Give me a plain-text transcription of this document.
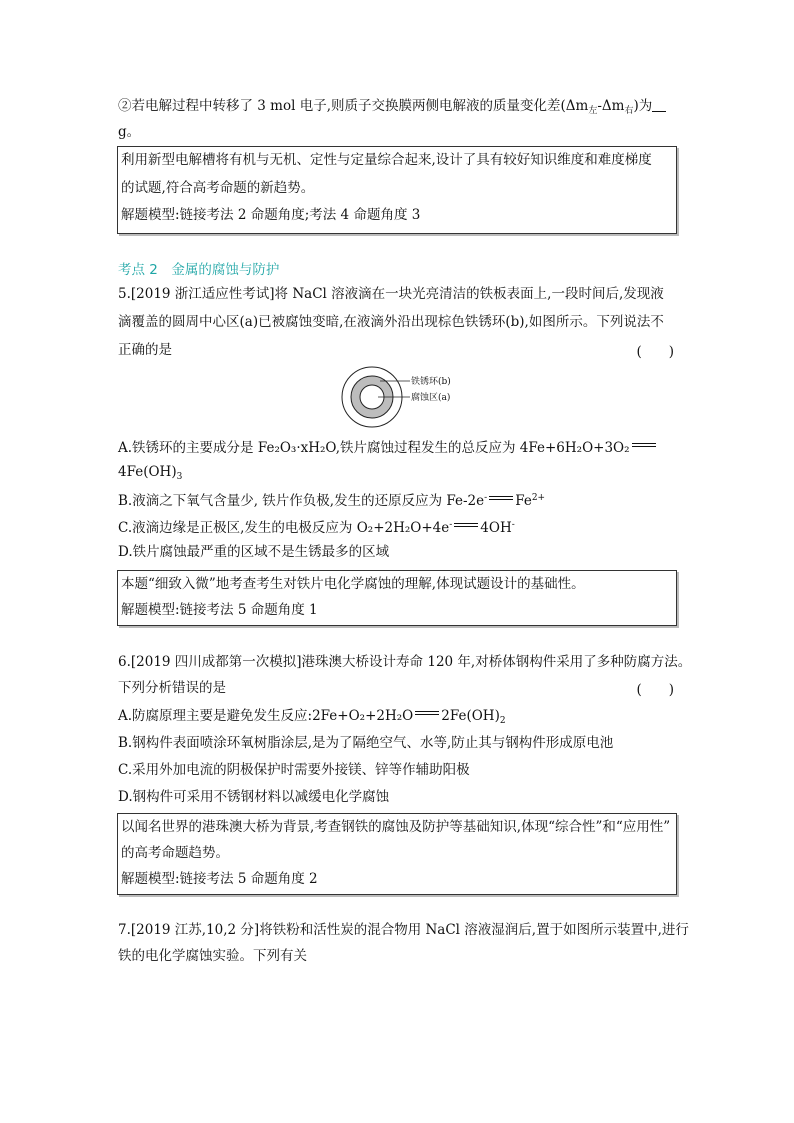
②若电解过程中转移了 3 mol 电子,则质子交换膜两侧电解液的质量变化差$(\Delta m_左-\Delta m_右)$为
g。
利用新型电解槽将有机与无机、定性与定量综合起来,设计了具有较好知识维度和难度梯度
的试题,符合高考命题的新趋势。
解题模型:链接考法 2 命题角度;考法 4 命题角度 3
考点 2　金属的腐蚀与防护
5.[2019 浙江适应性考试]将 NaCl 溶液滴在一块光亮清洁的铁板表面上,一段时间后,发现液
滴覆盖的圆周中心区(a)已被腐蚀变暗,在液滴外沿出现棕色铁锈环(b),如图所示。下列说法不
正确的是	(　　)
铁锈环(b)
腐蚀区(a)
A.铁锈环的主要成分是 Fe₂O₃·xH₂O,铁片腐蚀过程发生的总反应为 4Fe+6H₂O+3O₂
$4Fe(OH)_3$
B.液滴之下氧气含量少, 铁片作负极,发生的还原反应为 Fe-2e- $Fe^{2+}$
C.液滴边缘是正极区,发生的电极反应为 O₂+2H₂O+4e- 4OH-
D.铁片腐蚀最严重的区域不是生锈最多的区域
本题“细致入微”地考查考生对铁片电化学腐蚀的理解,体现试题设计的基础性。
解题模型:链接考法 5 命题角度 1
6.[2019 四川成都第一次模拟]港珠澳大桥设计寿命 120 年,对桥体钢构件采用了多种防腐方法。
下列分析错误的是	(　　)
A.防腐原理主要是避免发生反应:2Fe+O₂+2H₂O $2Fe(OH)_2$
B.钢构件表面喷涂环氧树脂涂层,是为了隔绝空气、水等,防止其与钢构件形成原电池
C.采用外加电流的阴极保护时需要外接镁、锌等作辅助阳极
D.钢构件可采用不锈钢材料以减缓电化学腐蚀
以闻名世界的港珠澳大桥为背景,考查钢铁的腐蚀及防护等基础知识,体现“综合性”和“应用性”
的高考命题趋势。
解题模型:链接考法 5 命题角度 2
7.[2019 江苏,10,2 分]将铁粉和活性炭的混合物用 NaCl 溶液湿润后,置于如图所示装置中,进行
铁的电化学腐蚀实验。下列有关
